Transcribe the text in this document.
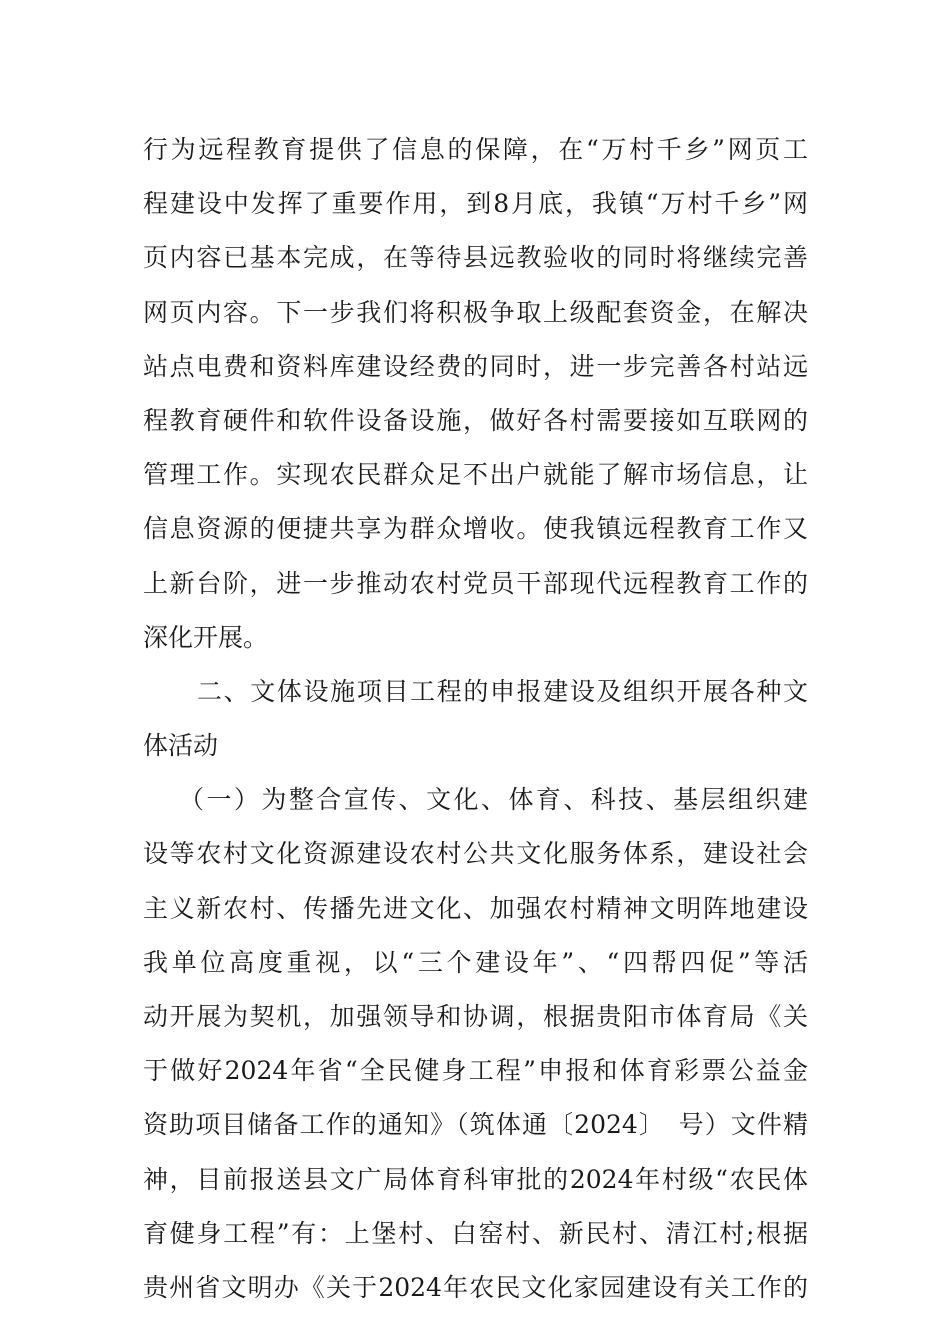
行为远程教育提供了信息的保障，在“万村千乡”网页工
程建设中发挥了重要作用，到8月底，我镇“万村千乡”网
页内容已基本完成，在等待县远教验收的同时将继续完善
网页内容。下一步我们将积极争取上级配套资金，在解决
站点电费和资料库建设经费的同时，进一步完善各村站远
程教育硬件和软件设备设施，做好各村需要接如互联网的
管理工作。实现农民群众足不出户就能了解市场信息，让
信息资源的便捷共享为群众增收。使我镇远程教育工作又
上新台阶，进一步推动农村党员干部现代远程教育工作的
深化开展。
二、文体设施项目工程的申报建设及组织开展各种文
体活动
（一）为整合宣传、文化、体育、科技、基层组织建
设等农村文化资源建设农村公共文化服务体系，建设社会
主义新农村、传播先进文化、加强农村精神文明阵地建设
我单位高度重视，以“三个建设年”、“四帮四促”等活
动开展为契机，加强领导和协调，根据贵阳市体育局《关
于做好2024年省“全民健身工程”申报和体育彩票公益金
资助项目储备工作的通知》（筑体通〔2024〕　号）文件精
神，目前报送县文广局体育科审批的2024年村级“农民体
育健身工程”有：上堡村、白窑村、新民村、清江村;根据
贵州省文明办《关于2024年农民文化家园建设有关工作的
